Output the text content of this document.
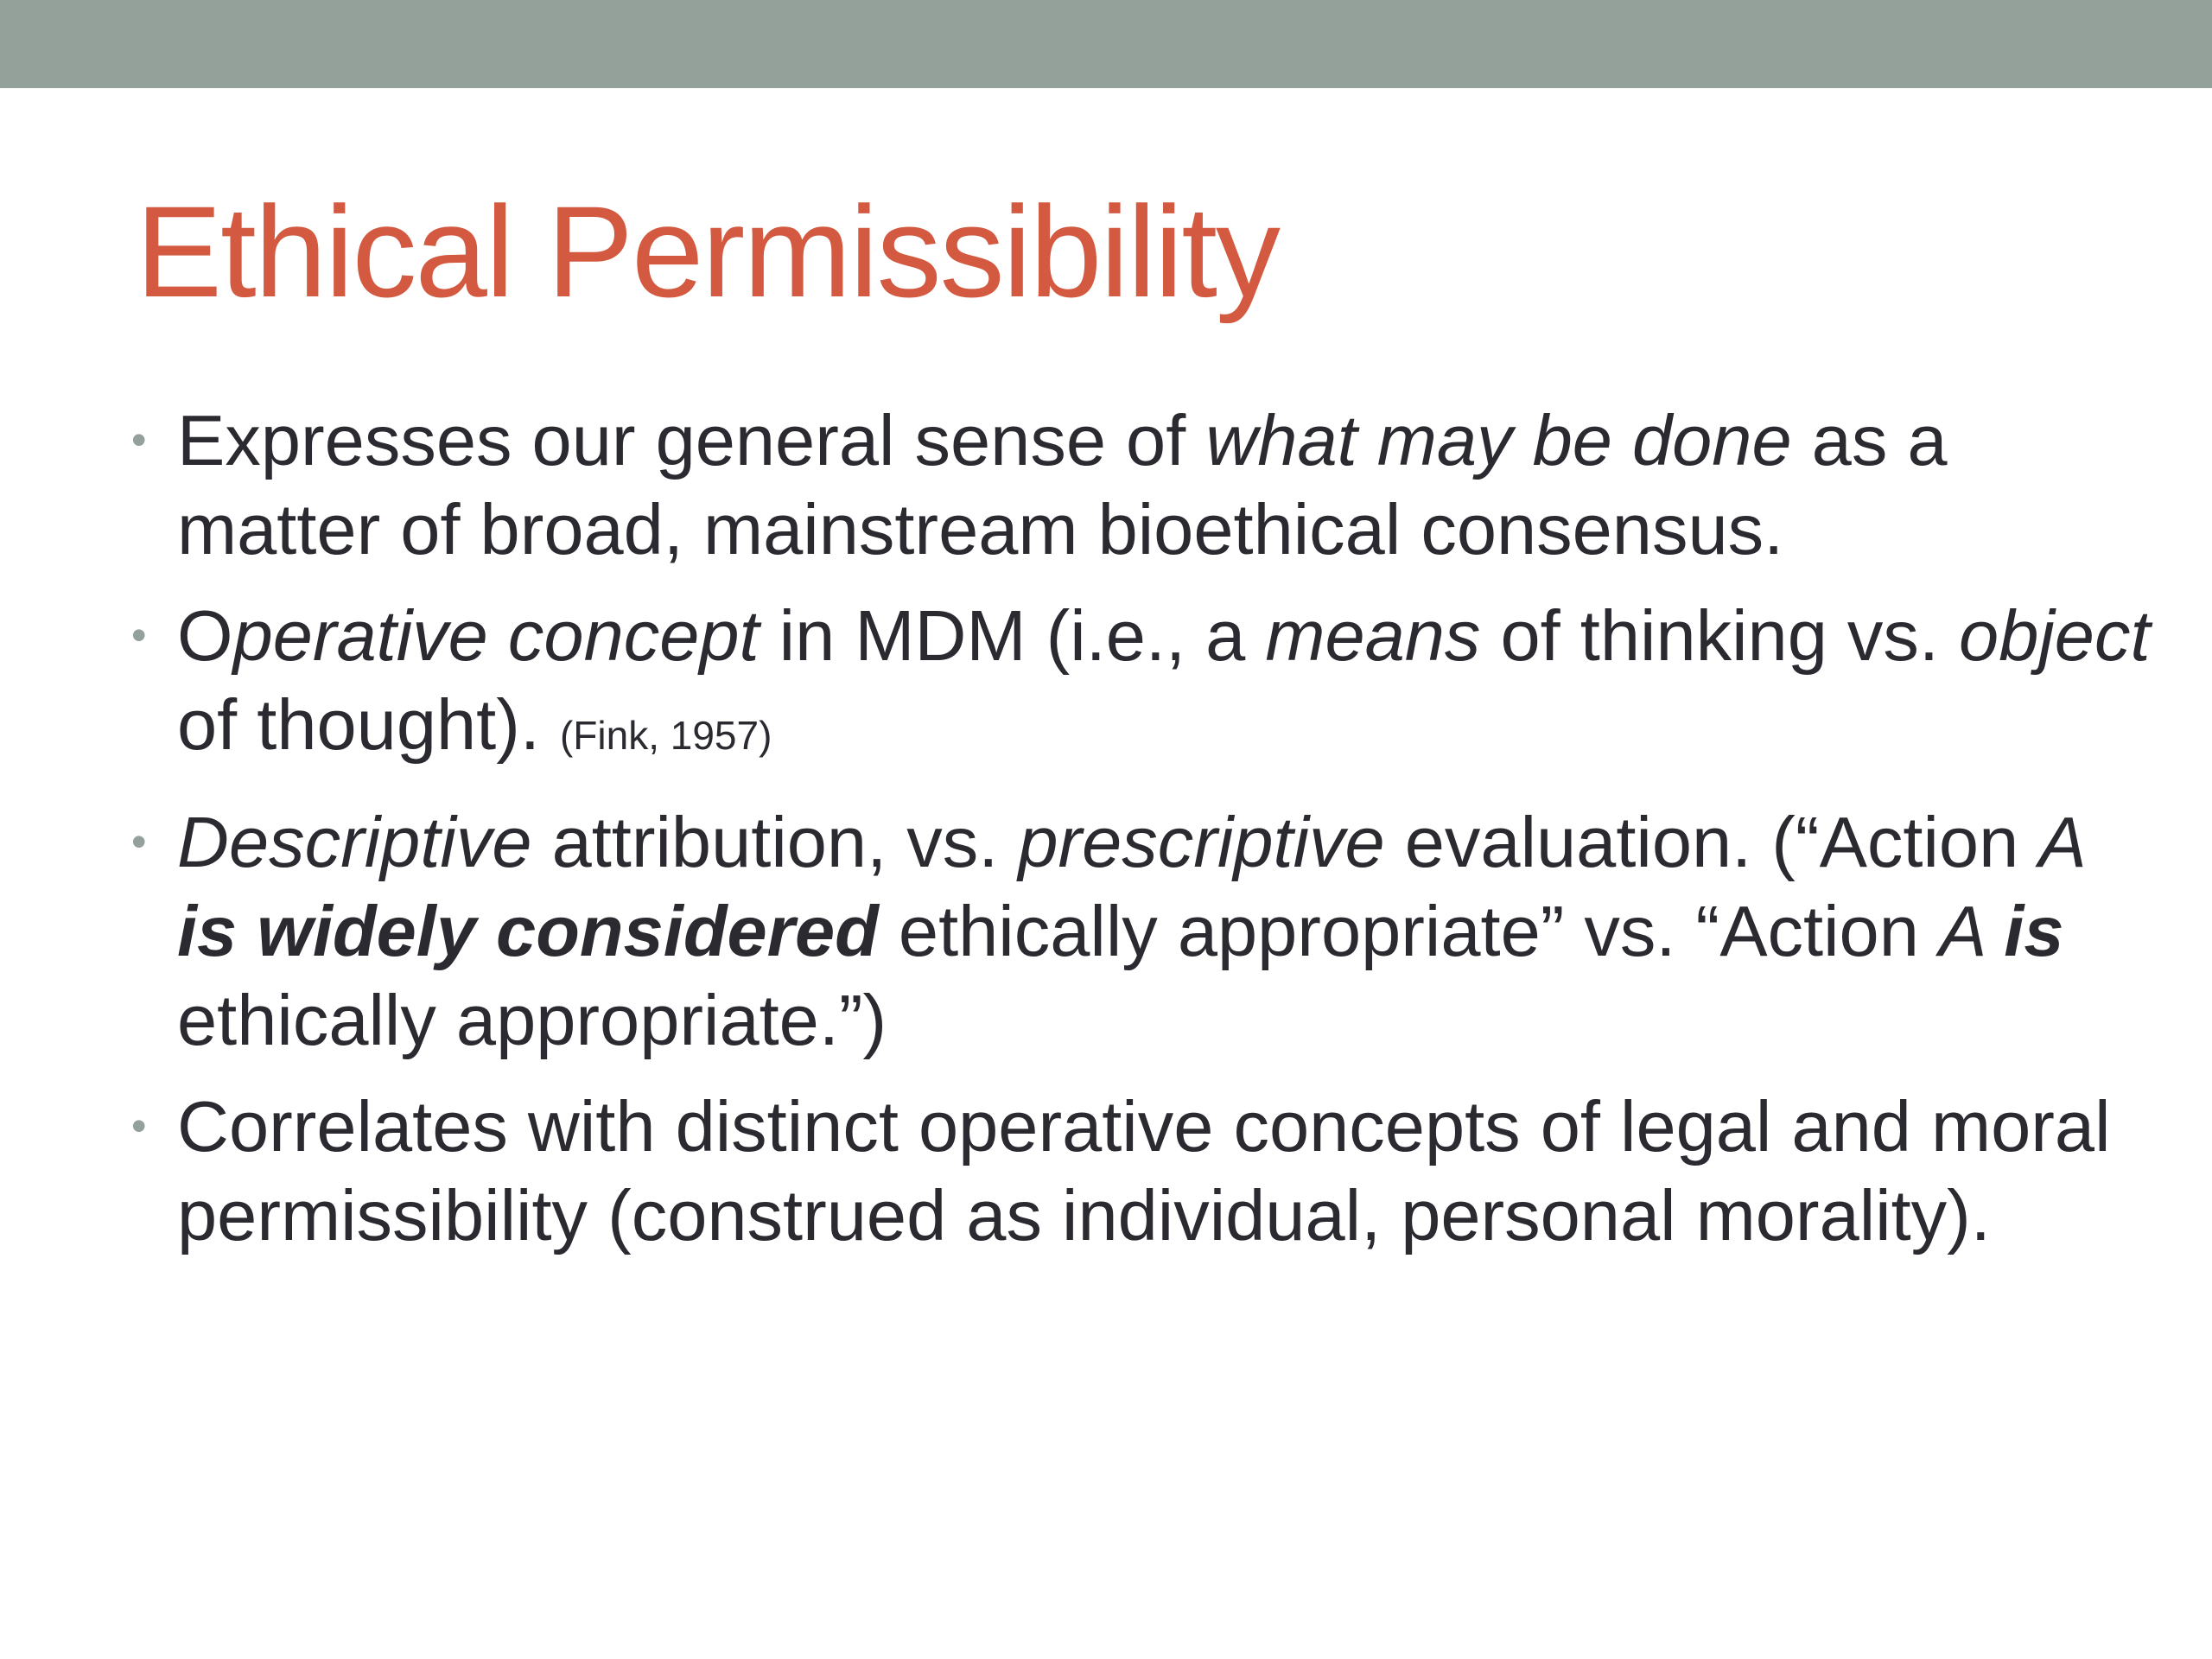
Ethical Permissibility
• Expresses our general sense of what may be done as a matter of broad, mainstream bioethical consensus.
• Operative concept in MDM (i.e., a means of thinking vs. object of thought). (Fink, 1957)
• Descriptive attribution, vs. prescriptive evaluation. (“Action A is widely considered ethically appropriate” vs. “Action A is ethically appropriate.”)
• Correlates with distinct operative concepts of legal and moral permissibility (construed as individual, personal morality).
